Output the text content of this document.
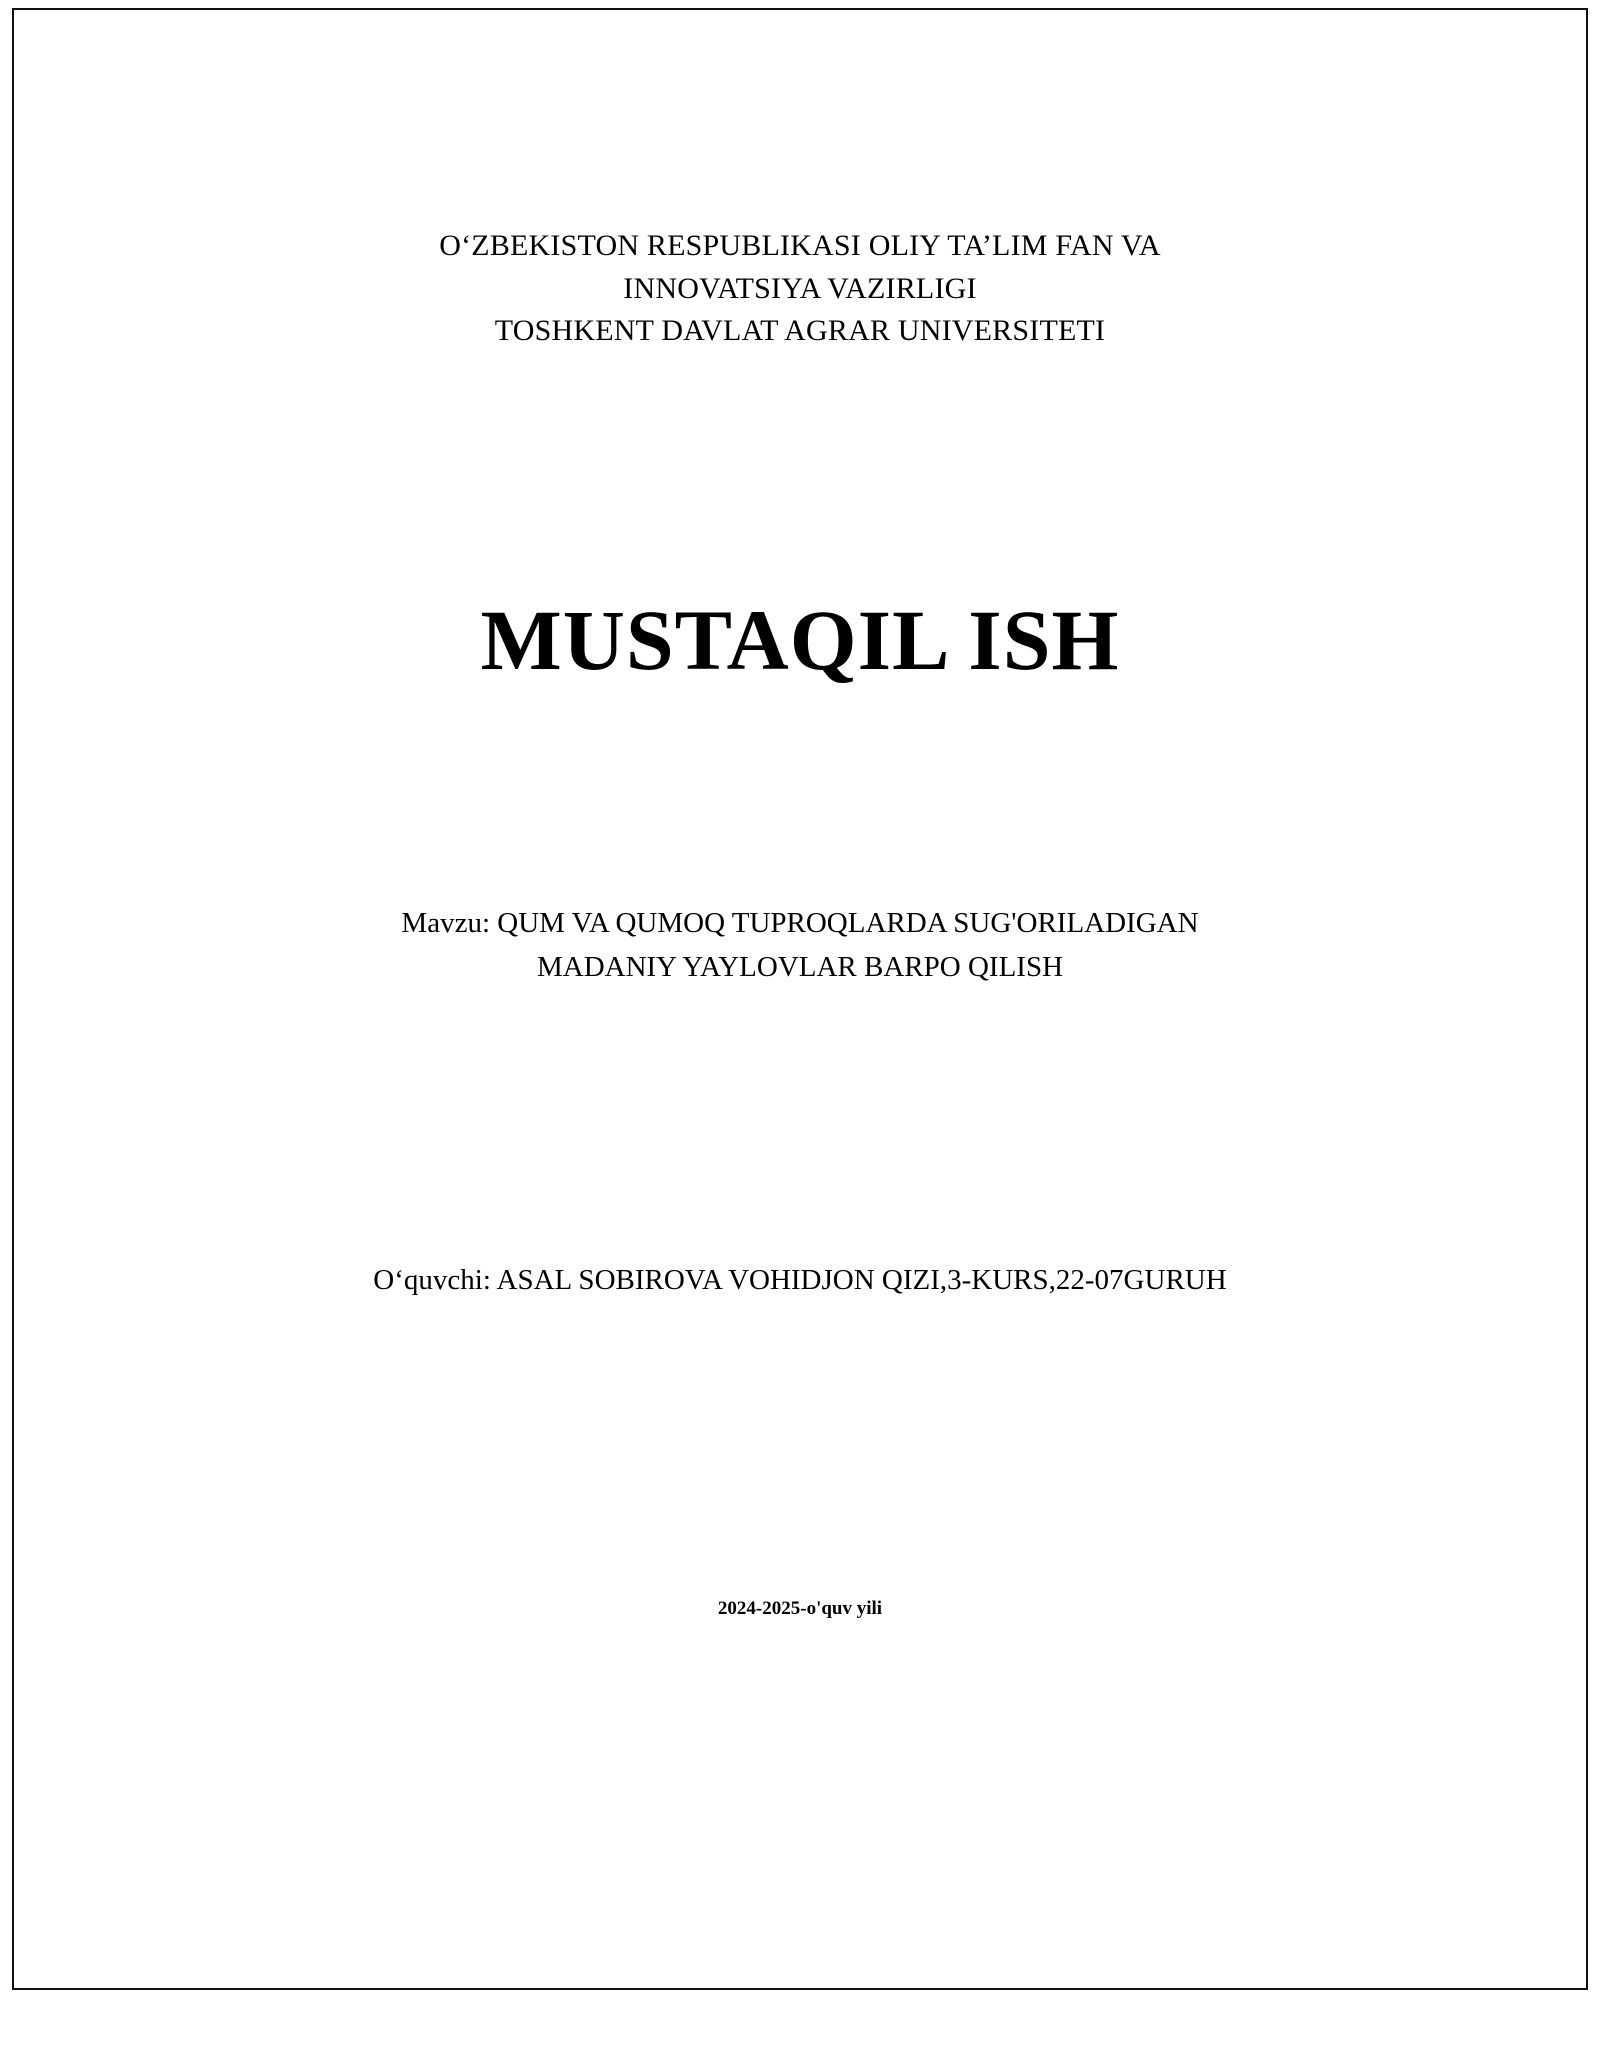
O‘ZBEKISTON RESPUBLIKASI OLIY TA’LIM FAN VA
INNOVATSIYA VAZIRLIGI
TOSHKENT DAVLAT AGRAR UNIVERSITETI
MUSTAQIL ISH
Mavzu: QUM VA QUMOQ TUPROQLARDA SUG'ORILADIGAN
MADANIY YAYLOVLAR BARPO QILISH
O‘quvchi: ASAL SOBIROVA VOHIDJON QIZI,3-KURS,22-07GURUH
2024-2025-o'quv yili
